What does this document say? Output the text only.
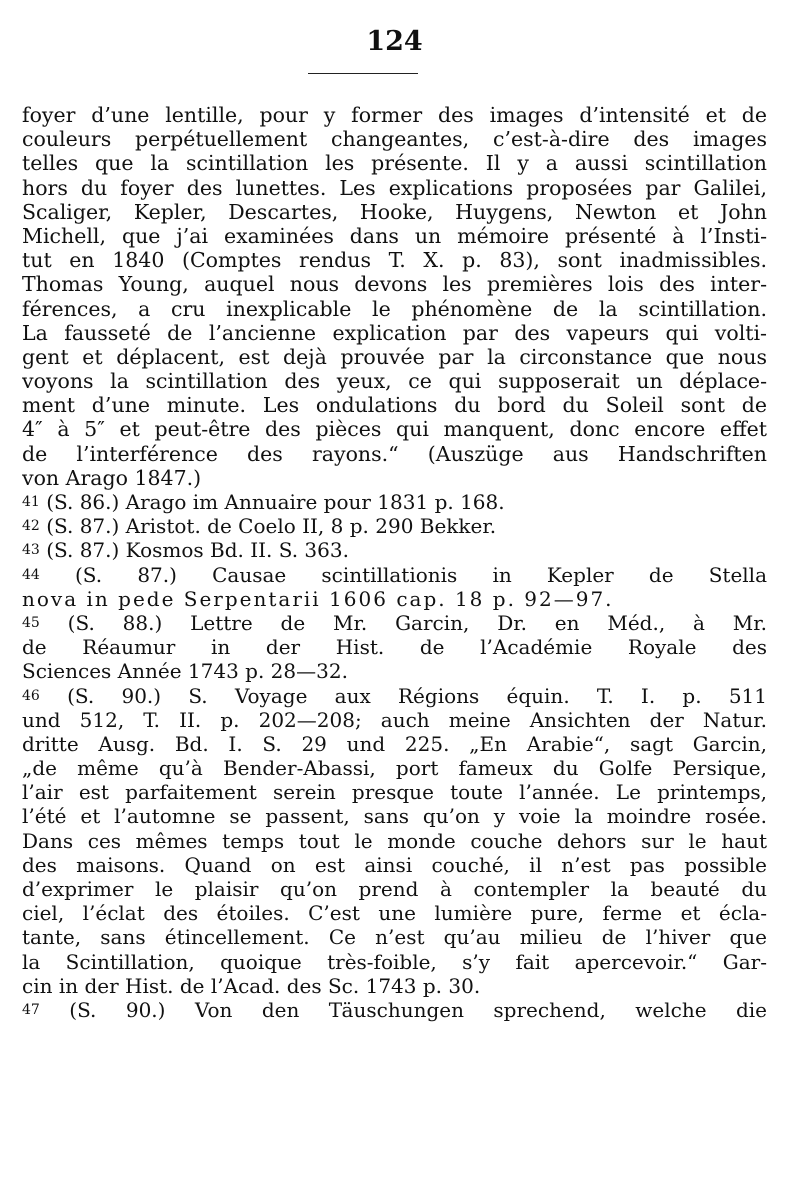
124
foyer d’une lentille, pour y former des images d’intensité et de
couleurs perpétuellement changeantes, c’est-à-dire des images
telles que la scintillation les présente. Il y a aussi scintillation
hors du foyer des lunettes. Les explications proposées par Galilei,
Scaliger, Kepler, Descartes, Hooke, Huygens, Newton et John
Michell, que j’ai examinées dans un mémoire présenté à l’Insti-
tut en 1840 (Comptes rendus T. X. p. 83), sont inadmissibles.
Thomas Young, auquel nous devons les premières lois des inter-
férences, a cru inexplicable le phénomène de la scintillation.
La fausseté de l’ancienne explication par des vapeurs qui volti-
gent et déplacent, est dejà prouvée par la circonstance que nous
voyons la scintillation des yeux, ce qui supposerait un déplace-
ment d’une minute. Les ondulations du bord du Soleil sont de
4″ à 5″ et peut-être des pièces qui manquent, donc encore effet
de l’interférence des rayons.“ (Auszüge aus Handschriften
von Arago 1847.)
41 (S. 86.) Arago im Annuaire pour 1831 p. 168.
42 (S. 87.) Aristot. de Coelo II, 8 p. 290 Bekker.
43 (S. 87.) Kosmos Bd. II. S. 363.
44 (S. 87.) Causae scintillationis in Kepler de Stella
nova in pede Serpentarii 1606 cap. 18 p. 92—97.
45 (S. 88.) Lettre de Mr. Garcin, Dr. en Méd., à Mr.
de Réaumur in der Hist. de l’Académie Royale des
Sciences Année 1743 p. 28—32.
46 (S. 90.) S. Voyage aux Régions équin. T. I. p. 511
und 512, T. II. p. 202—208; auch meine Ansichten der Natur.
dritte Ausg. Bd. I. S. 29 und 225. „En Arabie“, sagt Garcin,
„de même qu’à Bender-Abassi, port fameux du Golfe Persique,
l’air est parfaitement serein presque toute l’année. Le printemps,
l’été et l’automne se passent, sans qu’on y voie la moindre rosée.
Dans ces mêmes temps tout le monde couche dehors sur le haut
des maisons. Quand on est ainsi couché, il n’est pas possible
d’exprimer le plaisir qu’on prend à contempler la beauté du
ciel, l’éclat des étoiles. C’est une lumière pure, ferme et écla-
tante, sans étincellement. Ce n’est qu’au milieu de l’hiver que
la Scintillation, quoique très-foible, s’y fait apercevoir.“ Gar-
cin in der Hist. de l’Acad. des Sc. 1743 p. 30.
47 (S. 90.) Von den Täuschungen sprechend, welche die
